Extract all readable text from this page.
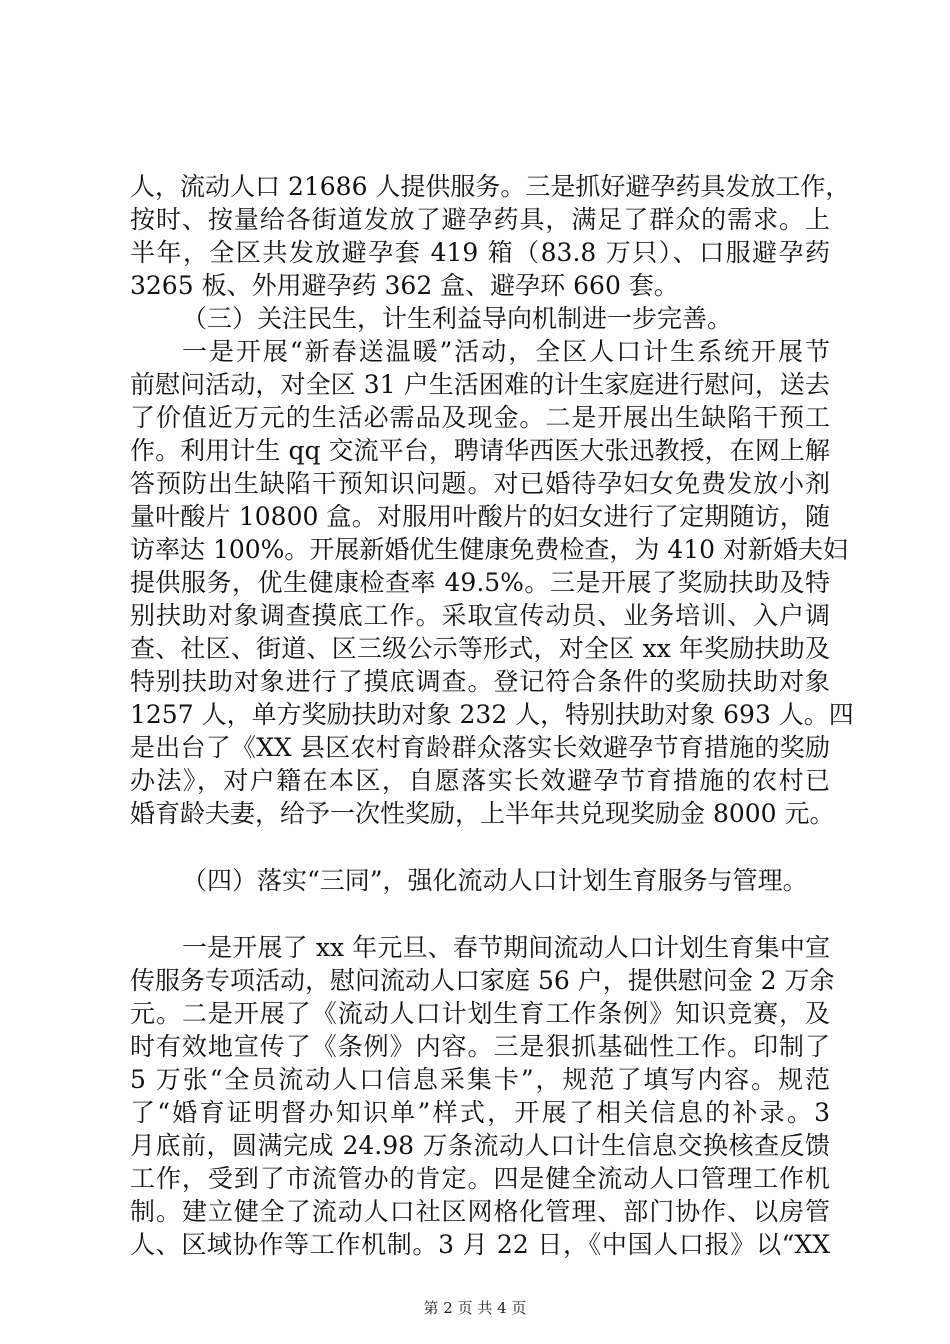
人，流动人口 21686 人提供服务。三是抓好避孕药具发放工作，
按时、按量给各街道发放了避孕药具，满足了群众的需求。上
半年，全区共发放避孕套 419 箱（83.8 万只）、口服避孕药
3265 板、外用避孕药 362 盒、避孕环 660 套。
（三）关注民生，计生利益导向机制进一步完善。
一是开展“新春送温暖”活动，全区人口计生系统开展节
前慰问活动，对全区 31 户生活困难的计生家庭进行慰问，送去
了价值近万元的生活必需品及现金。二是开展出生缺陷干预工
作。利用计生 qq 交流平台，聘请华西医大张迅教授，在网上解
答预防出生缺陷干预知识问题。对已婚待孕妇女免费发放小剂
量叶酸片 10800 盒。对服用叶酸片的妇女进行了定期随访，随
访率达 100%。开展新婚优生健康免费检查，为 410 对新婚夫妇
提供服务，优生健康检查率 49.5%。三是开展了奖励扶助及特
别扶助对象调查摸底工作。采取宣传动员、业务培训、入户调
查、社区、街道、区三级公示等形式，对全区 xx 年奖励扶助及
特别扶助对象进行了摸底调查。登记符合条件的奖励扶助对象
1257 人，单方奖励扶助对象 232 人，特别扶助对象 693 人。四
是出台了《XX 县区农村育龄群众落实长效避孕节育措施的奖励
办法》，对户籍在本区，自愿落实长效避孕节育措施的农村已
婚育龄夫妻，给予一次性奖励，上半年共兑现奖励金 8000 元。
（四）落实“三同”，强化流动人口计划生育服务与管理。
一是开展了 xx 年元旦、春节期间流动人口计划生育集中宣
传服务专项活动，慰问流动人口家庭 56 户，提供慰问金 2 万余
元。二是开展了《流动人口计划生育工作条例》知识竞赛，及
时有效地宣传了《条例》内容。三是狠抓基础性工作。印制了
5 万张“全员流动人口信息采集卡”，规范了填写内容。规范
了“婚育证明督办知识单”样式，开展了相关信息的补录。3
月底前，圆满完成 24.98 万条流动人口计生信息交换核查反馈
工作，受到了市流管办的肯定。四是健全流动人口管理工作机
制。建立健全了流动人口社区网格化管理、部门协作、以房管
人、区域协作等工作机制。3 月 22 日，《中国人口报》以“XX
第 2 页 共 4 页
